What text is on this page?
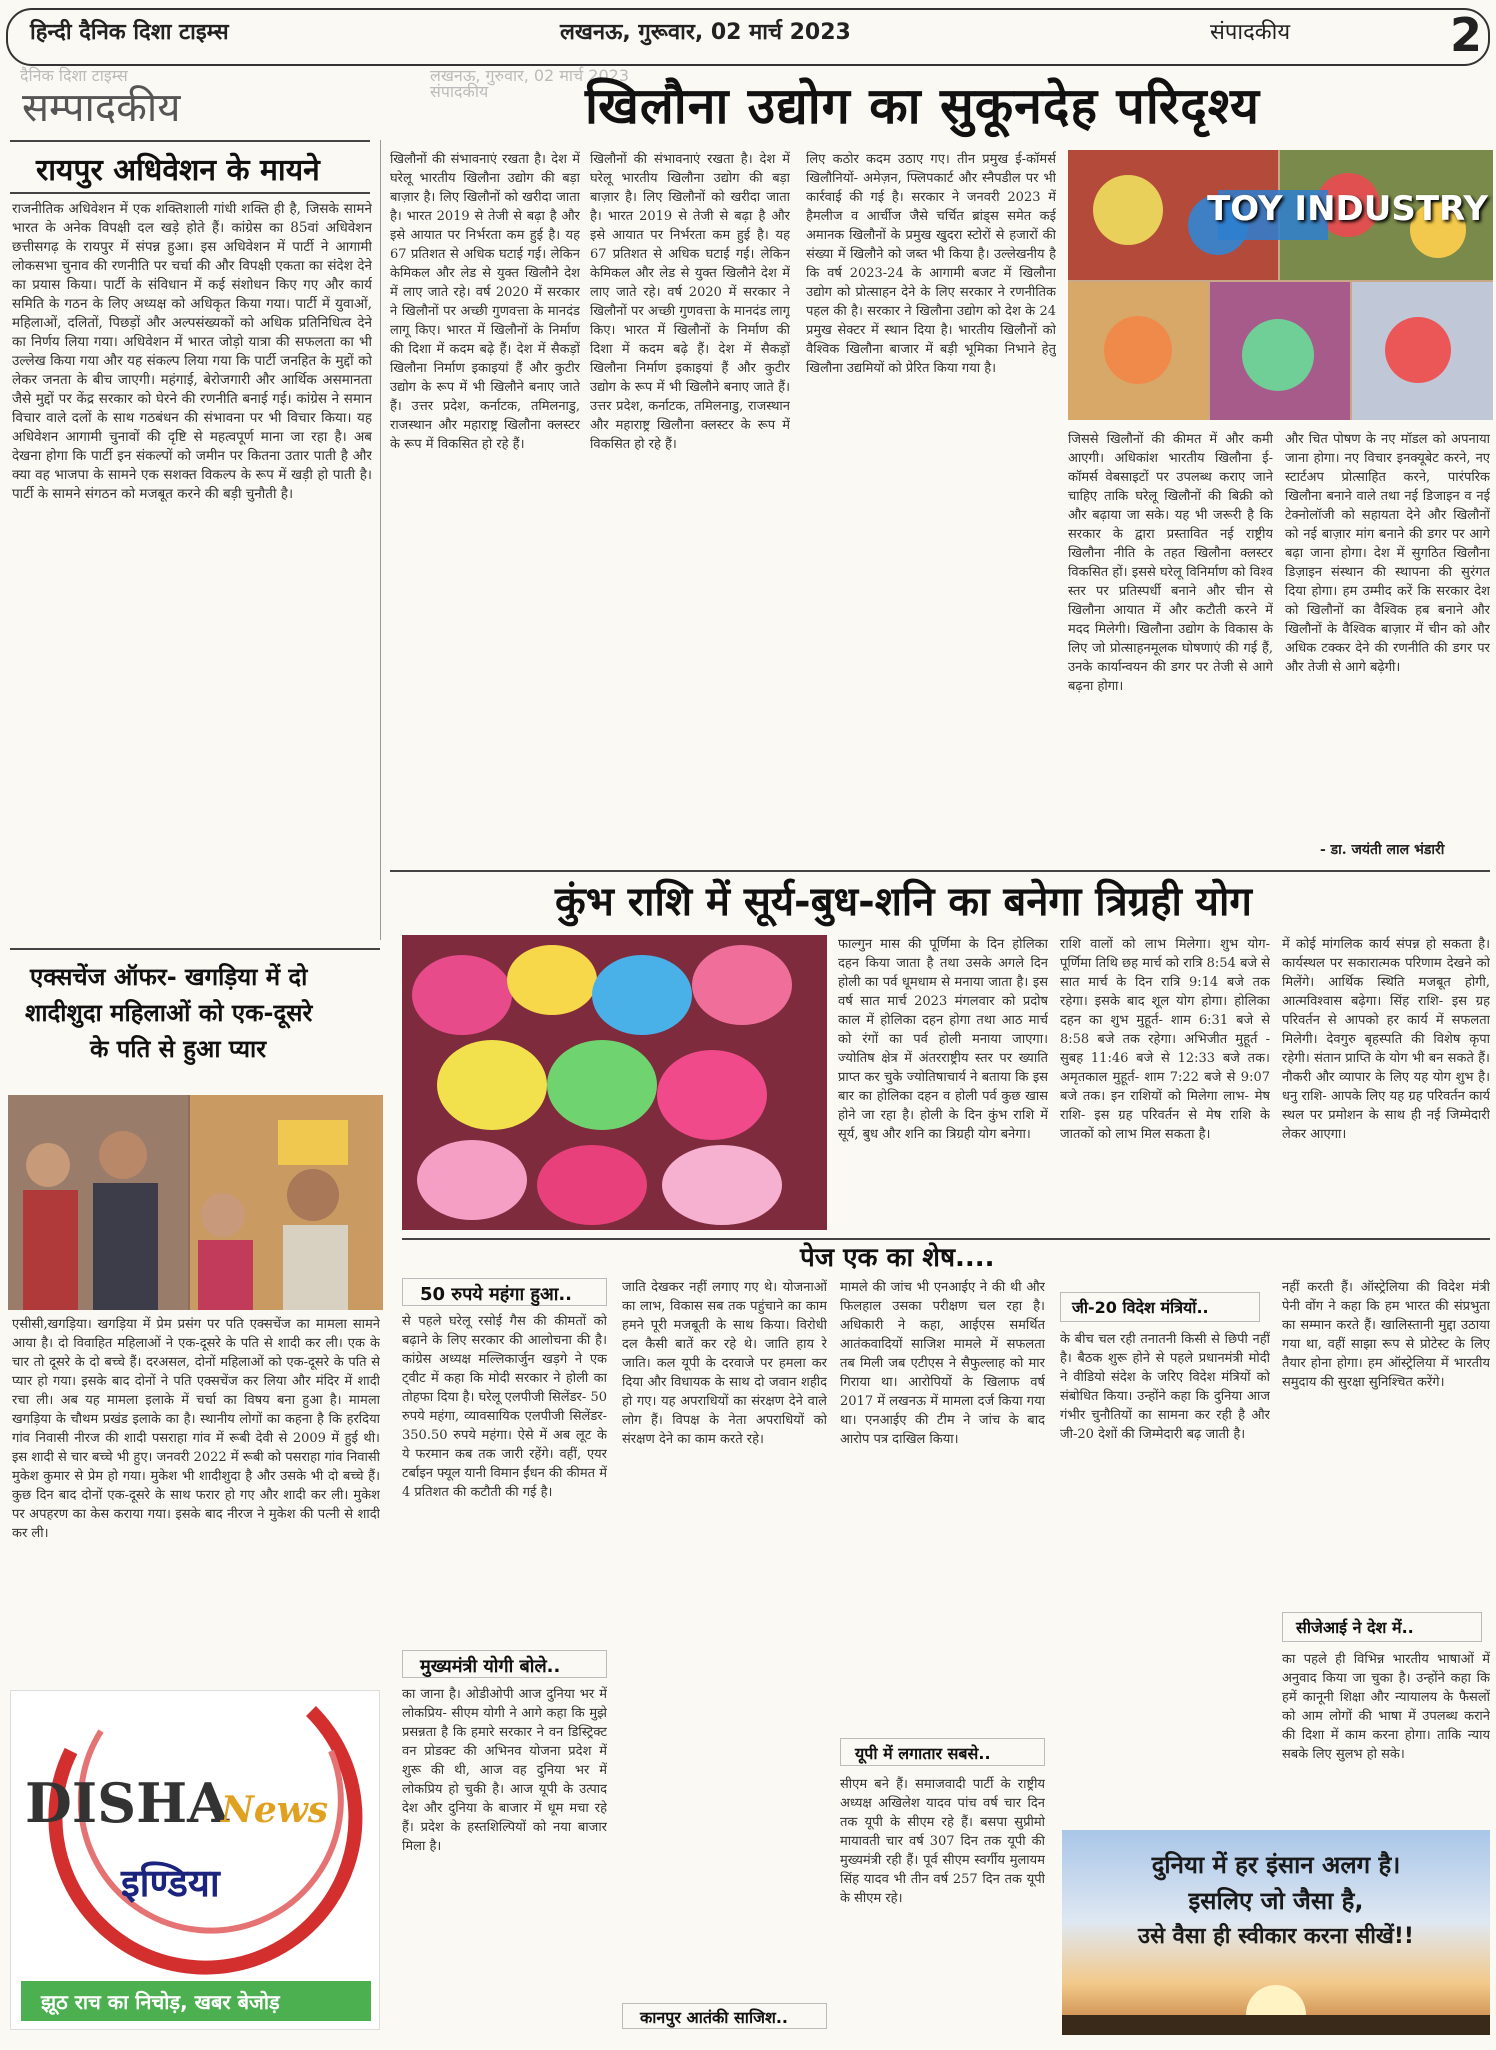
हिन्दी दैनिक दिशा टाइम्स	लखनऊ, गुरूवार, 02 मार्च 2023	संपादकीय	2
दैनिक दिशा टाइम्स	लखनऊ, गुरुवार, 02 मार्च 2023
संपादकीय
सम्पादकीय	खिलौना उद्योग का सुकूनदेह परिदृश्य
रायपुर अधिवेशन के मायने
राजनीतिक अधिवेशन में एक शक्तिशाली गांधी शक्ति ही है, जिसके सामने भारत के अनेक विपक्षी दल खड़े होते हैं। कांग्रेस का 85वां अधिवेशन छत्तीसगढ़ के रायपुर में संपन्न हुआ। इस अधिवेशन में पार्टी ने आगामी लोकसभा चुनाव की रणनीति पर चर्चा की और विपक्षी एकता का संदेश देने का प्रयास किया। पार्टी के संविधान में कई संशोधन किए गए और कार्य समिति के गठन के लिए अध्यक्ष को अधिकृत किया गया। पार्टी में युवाओं, महिलाओं, दलितों, पिछड़ों और अल्पसंख्यकों को अधिक प्रतिनिधित्व देने का निर्णय लिया गया। अधिवेशन में भारत जोड़ो यात्रा की सफलता का भी उल्लेख किया गया और यह संकल्प लिया गया कि पार्टी जनहित के मुद्दों को लेकर जनता के बीच जाएगी। महंगाई, बेरोजगारी और आर्थिक असमानता जैसे मुद्दों पर केंद्र सरकार को घेरने की रणनीति बनाई गई। कांग्रेस ने समान विचार वाले दलों के साथ गठबंधन की संभावना पर भी विचार किया। यह अधिवेशन आगामी चुनावों की दृष्टि से महत्वपूर्ण माना जा रहा है। अब देखना होगा कि पार्टी इन संकल्पों को जमीन पर कितना उतार पाती है और क्या वह भाजपा के सामने एक सशक्त विकल्प के रूप में खड़ी हो पाती है। पार्टी के सामने संगठन को मजबूत करने की बड़ी चुनौती है।
खिलौनों की संभावनाएं रखता है। देश में घरेलू भारतीय खिलौना उद्योग की बड़ा बाज़ार है। लिए खिलौनों को खरीदा जाता है। भारत 2019 से तेजी से बढ़ा है और इसे आयात पर निर्भरता कम हुई है। यह 67 प्रतिशत से अधिक घटाई गई। लेकिन केमिकल और लेड से युक्त खिलौने देश में लाए जाते रहे। वर्ष 2020 में सरकार ने खिलौनों पर अच्छी गुणवत्ता के मानदंड लागू किए। भारत में खिलौनों के निर्माण की दिशा में कदम बढ़े हैं। देश में सैकड़ों खिलौना निर्माण इकाइयां हैं और कुटीर उद्योग के रूप में भी खिलौने बनाए जाते हैं। उत्तर प्रदेश, कर्नाटक, तमिलनाडु, राजस्थान और महाराष्ट्र खिलौना क्लस्टर के रूप में विकसित हो रहे हैं।
खिलौनों की संभावनाएं रखता है। देश में घरेलू भारतीय खिलौना उद्योग की बड़ा बाज़ार है। लिए खिलौनों को खरीदा जाता है। भारत 2019 से तेजी से बढ़ा है और इसे आयात पर निर्भरता कम हुई है। यह 67 प्रतिशत से अधिक घटाई गई। लेकिन केमिकल और लेड से युक्त खिलौने देश में लाए जाते रहे। वर्ष 2020 में सरकार ने खिलौनों पर अच्छी गुणवत्ता के मानदंड लागू किए। भारत में खिलौनों के निर्माण की दिशा में कदम बढ़े हैं। देश में सैकड़ों खिलौना निर्माण इकाइयां हैं और कुटीर उद्योग के रूप में भी खिलौने बनाए जाते हैं। उत्तर प्रदेश, कर्नाटक, तमिलनाडु, राजस्थान और महाराष्ट्र खिलौना क्लस्टर के रूप में विकसित हो रहे हैं।
लिए कठोर कदम उठाए गए। तीन प्रमुख ई-कॉमर्स खिलौनियों- अमेज़न, फ्लिपकार्ट और स्नैपडील पर भी कार्रवाई की गई है। सरकार ने जनवरी 2023 में हैमलीज व आर्चीज जैसे चर्चित ब्रांड्स समेत कई अमानक खिलौनों के प्रमुख खुदरा स्टोरों से हजारों की संख्या में खिलौने को जब्त भी किया है। उल्लेखनीय है कि वर्ष 2023-24 के आगामी बजट में खिलौना उद्योग को प्रोत्साहन देने के लिए सरकार ने रणनीतिक पहल की है। सरकार ने खिलौना उद्योग को देश के 24 प्रमुख सेक्टर में स्थान दिया है। भारतीय खिलौनों को वैश्विक खिलौना बाजार में बड़ी भूमिका निभाने हेतु खिलौना उद्यमियों को प्रेरित किया गया है।
TOY INDUSTRY
जिससे खिलौनों की कीमत में और कमी आएगी। अधिकांश भारतीय खिलौना ई-कॉमर्स वेबसाइटों पर उपलब्ध कराए जाने चाहिए ताकि घरेलू खिलौनों की बिक्री को और बढ़ाया जा सके। यह भी जरूरी है कि सरकार के द्वारा प्रस्तावित नई राष्ट्रीय खिलौना नीति के तहत खिलौना क्लस्टर विकसित हों। इससे घरेलू विनिर्माण को विश्व स्तर पर प्रतिस्पर्धी बनाने और चीन से खिलौना आयात में और कटौती करने में मदद मिलेगी। खिलौना उद्योग के विकास के लिए जो प्रोत्साहनमूलक घोषणाएं की गई हैं, उनके कार्यान्वयन की डगर पर तेजी से आगे बढ़ना होगा।
और चित पोषण के नए मॉडल को अपनाया जाना होगा। नए विचार इनक्यूबेट करने, नए स्टार्टअप प्रोत्साहित करने, पारंपरिक खिलौना बनाने वाले तथा नई डिजाइन व नई टेक्नोलॉजी को सहायता देने और खिलौनों को नई बाज़ार मांग बनाने की डगर पर आगे बढ़ा जाना होगा। देश में सुगठित खिलौना डिज़ाइन संस्थान की स्थापना की सुरंगत दिया होगा। हम उम्मीद करें कि सरकार देश को खिलौनों का वैश्विक हब बनाने और खिलौनों के वैश्विक बाज़ार में चीन को और अधिक टक्कर देने की रणनीति की डगर पर और तेजी से आगे बढ़ेगी।
- डा. जयंती लाल भंडारी
कुंभ राशि में सूर्य-बुध-शनि का बनेगा त्रिग्रही योग
फाल्गुन मास की पूर्णिमा के दिन होलिका दहन किया जाता है तथा उसके अगले दिन होली का पर्व धूमधाम से मनाया जाता है। इस वर्ष सात मार्च 2023 मंगलवार को प्रदोष काल में होलिका दहन होगा तथा आठ मार्च को रंगों का पर्व होली मनाया जाएगा। ज्योतिष क्षेत्र में अंतरराष्ट्रीय स्तर पर ख्याति प्राप्त कर चुके ज्योतिषाचार्य ने बताया कि इस बार का होलिका दहन व होली पर्व कुछ खास होने जा रहा है। होली के दिन कुंभ राशि में सूर्य, बुध और शनि का त्रिग्रही योग बनेगा।
राशि वालों को लाभ मिलेगा। शुभ योग- पूर्णिमा तिथि छह मार्च को रात्रि 8:54 बजे से सात मार्च के दिन रात्रि 9:14 बजे तक रहेगा। इसके बाद शूल योग होगा। होलिका दहन का शुभ मुहूर्त- शाम 6:31 बजे से 8:58 बजे तक रहेगा। अभिजीत मुहूर्त - सुबह 11:46 बजे से 12:33 बजे तक। अमृतकाल मुहूर्त- शाम 7:22 बजे से 9:07 बजे तक। इन राशियों को मिलेगा लाभ- मेष राशि- इस ग्रह परिवर्तन से मेष राशि के जातकों को लाभ मिल सकता है।
में कोई मांगलिक कार्य संपन्न हो सकता है। कार्यस्थल पर सकारात्मक परिणाम देखने को मिलेंगे। आर्थिक स्थिति मजबूत होगी, आत्मविश्वास बढ़ेगा। सिंह राशि- इस ग्रह परिवर्तन से आपको हर कार्य में सफलता मिलेगी। देवगुरु बृहस्पति की विशेष कृपा रहेगी। संतान प्राप्ति के योग भी बन सकते हैं। नौकरी और व्यापार के लिए यह योग शुभ है। धनु राशि- आपके लिए यह ग्रह परिवर्तन कार्य स्थल पर प्रमोशन के साथ ही नई जिम्मेदारी लेकर आएगा।
एक्सचेंज ऑफर- खगड़िया में दो
शादीशुदा महिलाओं को एक-दूसरे
के पति से हुआ प्यार
एसीसी,खगड़िया। खगड़िया में प्रेम प्रसंग पर पति एक्सचेंज का मामला सामने आया है। दो विवाहित महिलाओं ने एक-दूसरे के पति से शादी कर ली। एक के चार तो दूसरे के दो बच्चे हैं। दरअसल, दोनों महिलाओं को एक-दूसरे के पति से प्यार हो गया। इसके बाद दोनों ने पति एक्सचेंज कर लिया और मंदिर में शादी रचा ली। अब यह मामला इलाके में चर्चा का विषय बना हुआ है। मामला खगड़िया के चौथम प्रखंड इलाके का है। स्थानीय लोगों का कहना है कि हरदिया गांव निवासी नीरज की शादी पसराहा गांव में रूबी देवी से 2009 में हुई थी। इस शादी से चार बच्चे भी हुए। जनवरी 2022 में रूबी को पसराहा गांव निवासी मुकेश कुमार से प्रेम हो गया। मुकेश भी शादीशुदा है और उसके भी दो बच्चे हैं। कुछ दिन बाद दोनों एक-दूसरे के साथ फरार हो गए और शादी कर ली। मुकेश पर अपहरण का केस कराया गया। इसके बाद नीरज ने मुकेश की पत्नी से शादी कर ली।
DISHA
News
इण्डिया
झूठ राच का निचोड़, खबर बेजोड़
पेज एक का शेष....
50 रुपये महंगा हुआ..
से पहले घरेलू रसोई गैस की कीमतों को बढ़ाने के लिए सरकार की आलोचना की है। कांग्रेस अध्यक्ष मल्लिकार्जुन खड़गे ने एक ट्वीट में कहा कि मोदी सरकार ने होली का तोहफा दिया है। घरेलू एलपीजी सिलेंडर- 50 रुपये महंगा, व्यावसायिक एलपीजी सिलेंडर- 350.50 रुपये महंगा। ऐसे में अब लूट के ये फरमान कब तक जारी रहेंगे। वहीं, एयर टर्बाइन फ्यूल यानी विमान ईंधन की कीमत में 4 प्रतिशत की कटौती की गई है।
मुख्यमंत्री योगी बोले..
का जाना है। ओडीओपी आज दुनिया भर में लोकप्रिय- सीएम योगी ने आगे कहा कि मुझे प्रसन्नता है कि हमारे सरकार ने वन डिस्ट्रिक्ट वन प्रोडक्ट की अभिनव योजना प्रदेश में शुरू की थी, आज वह दुनिया भर में लोकप्रिय हो चुकी है। आज यूपी के उत्पाद देश और दुनिया के बाजार में धूम मचा रहे हैं। प्रदेश के हस्तशिल्पियों को नया बाजार मिला है।
जाति देखकर नहीं लगाए गए थे। योजनाओं का लाभ, विकास सब तक पहुंचाने का काम हमने पूरी मजबूती के साथ किया। विरोधी दल कैसी बातें कर रहे थे। जाति हाय रे जाति। कल यूपी के दरवाजे पर हमला कर दिया और विधायक के साथ दो जवान शहीद हो गए। यह अपराधियों का संरक्षण देने वाले लोग हैं। विपक्ष के नेता अपराधियों को संरक्षण देने का काम करते रहे।
कानपुर आतंकी साजिश..
मामले की जांच भी एनआईए ने की थी और फिलहाल उसका परीक्षण चल रहा है। अधिकारी ने कहा, आईएस समर्थित आतंकवादियों साजिश मामले में सफलता तब मिली जब एटीएस ने सैफुल्लाह को मार गिराया था। आरोपियों के खिलाफ वर्ष 2017 में लखनऊ में मामला दर्ज किया गया था। एनआईए की टीम ने जांच के बाद आरोप पत्र दाखिल किया।
यूपी में लगातार सबसे..
सीएम बने हैं। समाजवादी पार्टी के राष्ट्रीय अध्यक्ष अखिलेश यादव पांच वर्ष चार दिन तक यूपी के सीएम रहे हैं। बसपा सुप्रीमो मायावती चार वर्ष 307 दिन तक यूपी की मुख्यमंत्री रही हैं। पूर्व सीएम स्वर्गीय मुलायम सिंह यादव भी तीन वर्ष 257 दिन तक यूपी के सीएम रहे।
जी-20 विदेश मंत्रियों..
के बीच चल रही तनातनी किसी से छिपी नहीं है। बैठक शुरू होने से पहले प्रधानमंत्री मोदी ने वीडियो संदेश के जरिए विदेश मंत्रियों को संबोधित किया। उन्होंने कहा कि दुनिया आज गंभीर चुनौतियों का सामना कर रही है और जी-20 देशों की जिम्मेदारी बढ़ जाती है।
नहीं करती हैं। ऑस्ट्रेलिया की विदेश मंत्री पेनी वोंग ने कहा कि हम भारत की संप्रभुता का सम्मान करते हैं। खालिस्तानी मुद्दा उठाया गया था, वहीं साझा रूप से प्रोटेस्ट के लिए तैयार होना होगा। हम ऑस्ट्रेलिया में भारतीय समुदाय की सुरक्षा सुनिश्चित करेंगे।
सीजेआई ने देश में..
का पहले ही विभिन्न भारतीय भाषाओं में अनुवाद किया जा चुका है। उन्होंने कहा कि हमें कानूनी शिक्षा और न्यायालय के फैसलों को आम लोगों की भाषा में उपलब्ध कराने की दिशा में काम करना होगा। ताकि न्याय सबके लिए सुलभ हो सके।
दुनिया में हर इंसान अलग है।
इसलिए जो जैसा है,
उसे वैसा ही स्वीकार करना सीखें!!
